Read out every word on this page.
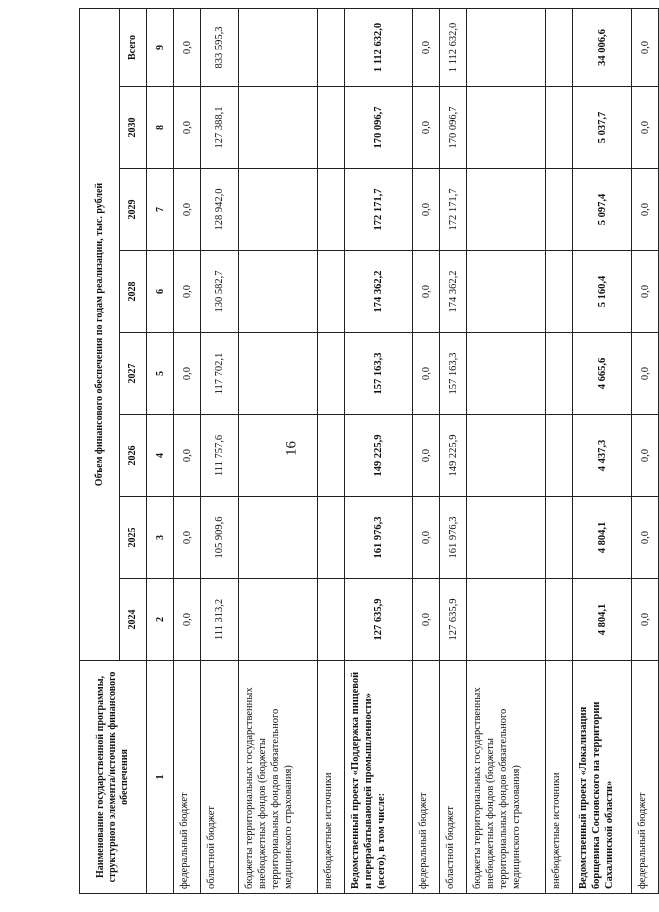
16
Наименование государственной программы, структурного элемента/источник финансового обеспечения	Объем финансового обеспечения по годам реализации, тыс. рублей							
	2024	2025	2026	2027	2028	2029	2030	Всего
1	2	3	4	5	6	7	8	9
федеральный бюджет	0,0	0,0	0,0	0,0	0,0	0,0	0,0	0,0
областной бюджет	111 313,2	105 909,6	111 757,6	117 702,1	130 582,7	128 942,0	127 388,1	833 595,3
бюджеты территориальных государственных внебюджетных фондов (бюджеты территориальных фондов обязательного медицинского страхования)								
внебюджетные источники								
Ведомственный проект «Поддержка пищевой и перерабатывающей промышленности» (всего), в том числе:	127 635,9	161 976,3	149 225,9	157 163,3	174 362,2	172 171,7	170 096,7	1 112 632,0
федеральный бюджет	0,0	0,0	0,0	0,0	0,0	0,0	0,0	0,0
областной бюджет	127 635,9	161 976,3	149 225,9	157 163,3	174 362,2	172 171,7	170 096,7	1 112 632,0
бюджеты территориальных государственных внебюджетных фондов (бюджеты территориальных фондов обязательного медицинского страхования)								
внебюджетные источники								
Ведомственный проект «Локализация борщевика Сосновского на территории Сахалинской области»	4 804,1	4 804,1	4 437,3	4 665,6	5 160,4	5 097,4	5 037,7	34 006,6
федеральный бюджет	0,0	0,0	0,0	0,0	0,0	0,0	0,0	0,0
